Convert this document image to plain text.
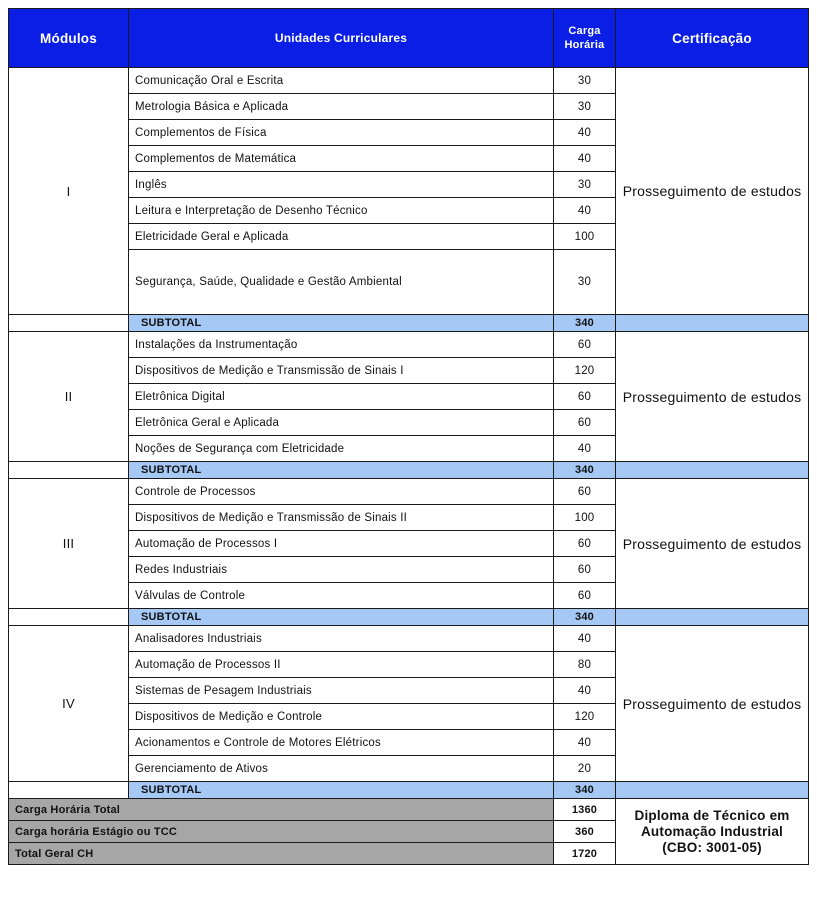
Módulos	Unidades Curriculares	Carga Horária	Certificação
I	Comunicação Oral e Escrita	30	Prosseguimento de estudos
	Metrologia Básica e Aplicada	30	
	Complementos de Física	40	
	Complementos de Matemática	40	
	Inglês	30	
	Leitura e Interpretação de Desenho Técnico	40	
	Eletricidade Geral e Aplicada	100	
	Segurança, Saúde, Qualidade e Gestão Ambiental	30	
	SUBTOTAL	340	
II	Instalações da Instrumentação	60	Prosseguimento de estudos
	Dispositivos de Medição e Transmissão de Sinais I	120	
	Eletrônica Digital	60	
	Eletrônica Geral e Aplicada	60	
	Noções de Segurança com Eletricidade	40	
	SUBTOTAL	340	
III	Controle de Processos	60	Prosseguimento de estudos
	Dispositivos de Medição e Transmissão de Sinais II	100	
	Automação de Processos I	60	
	Redes Industriais	60	
	Válvulas de Controle	60	
	SUBTOTAL	340	
IV	Analisadores Industriais	40	Prosseguimento de estudos
	Automação de Processos II	80	
	Sistemas de Pesagem Industriais	40	
	Dispositivos de Medição e Controle	120	
	Acionamentos e Controle de Motores Elétricos	40	
	Gerenciamento de Ativos	20	
	SUBTOTAL	340	
Carga Horária Total		1360	Diploma de Técnico em Automação Industrial (CBO: 3001-05)
Carga horária Estágio ou TCC		360	
Total Geral CH		1720	
